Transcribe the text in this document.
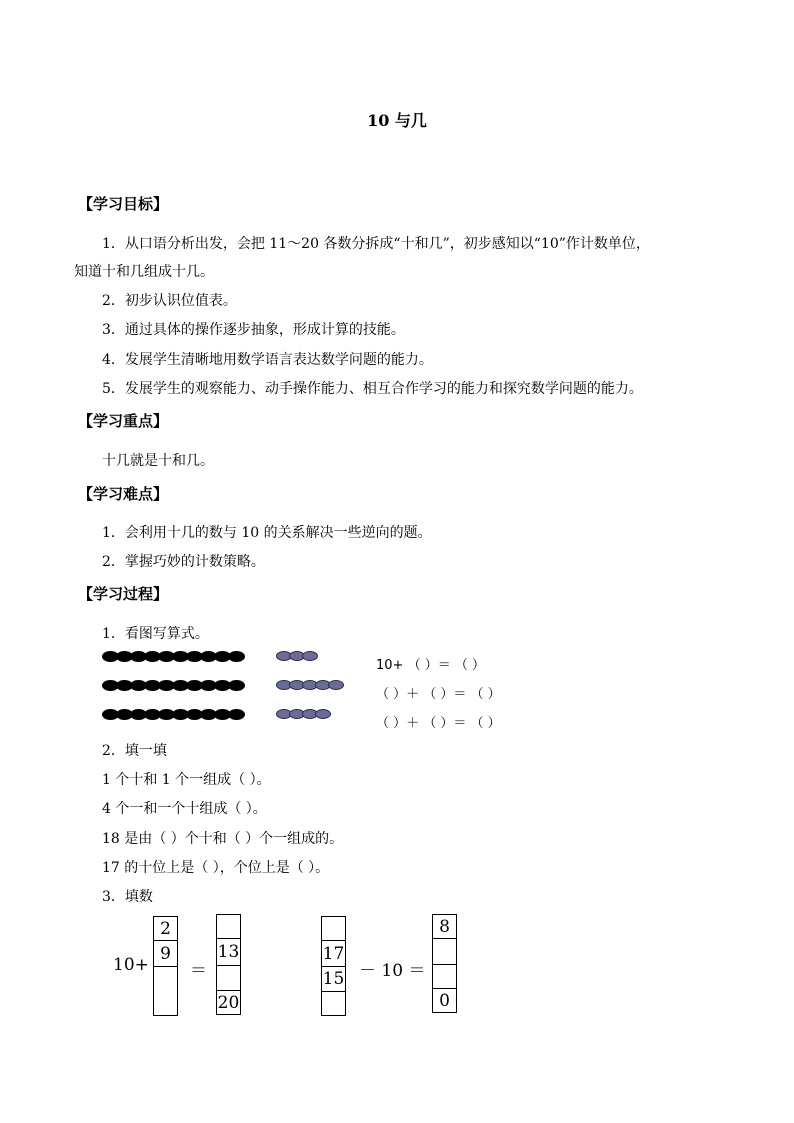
10 与几
【学习目标】
1．从口语分析出发，会把 11～20 各数分拆成“十和几”，初步感知以“10”作计数单位，
知道十和几组成十几。
2．初步认识位值表。
3．通过具体的操作逐步抽象，形成计算的技能。
4．发展学生清晰地用数学语言表达数学问题的能力。
5．发展学生的观察能力、动手操作能力、相互合作学习的能力和探究数学问题的能力。
【学习重点】
十几就是十和几。
【学习难点】
1．会利用十几的数与 10 的关系解决一些逆向的题。
2．掌握巧妙的计数策略。
【学习过程】
1．看图写算式。
10+ （ ）＝ （ ）
（ ）＋ （ ）＝ （ ）
（ ）＋ （ ）＝ （ ）
2．填一填
1 个十和 1 个一组成（ ）。
4 个一和一个十组成（ ）。
18 是由（ ）个十和（ ）个一组成的。
17 的十位上是（ ），个位上是（ ）。
3．填数
10+
2
9
＝
13
20
17
15 － 10 ＝
8
0
